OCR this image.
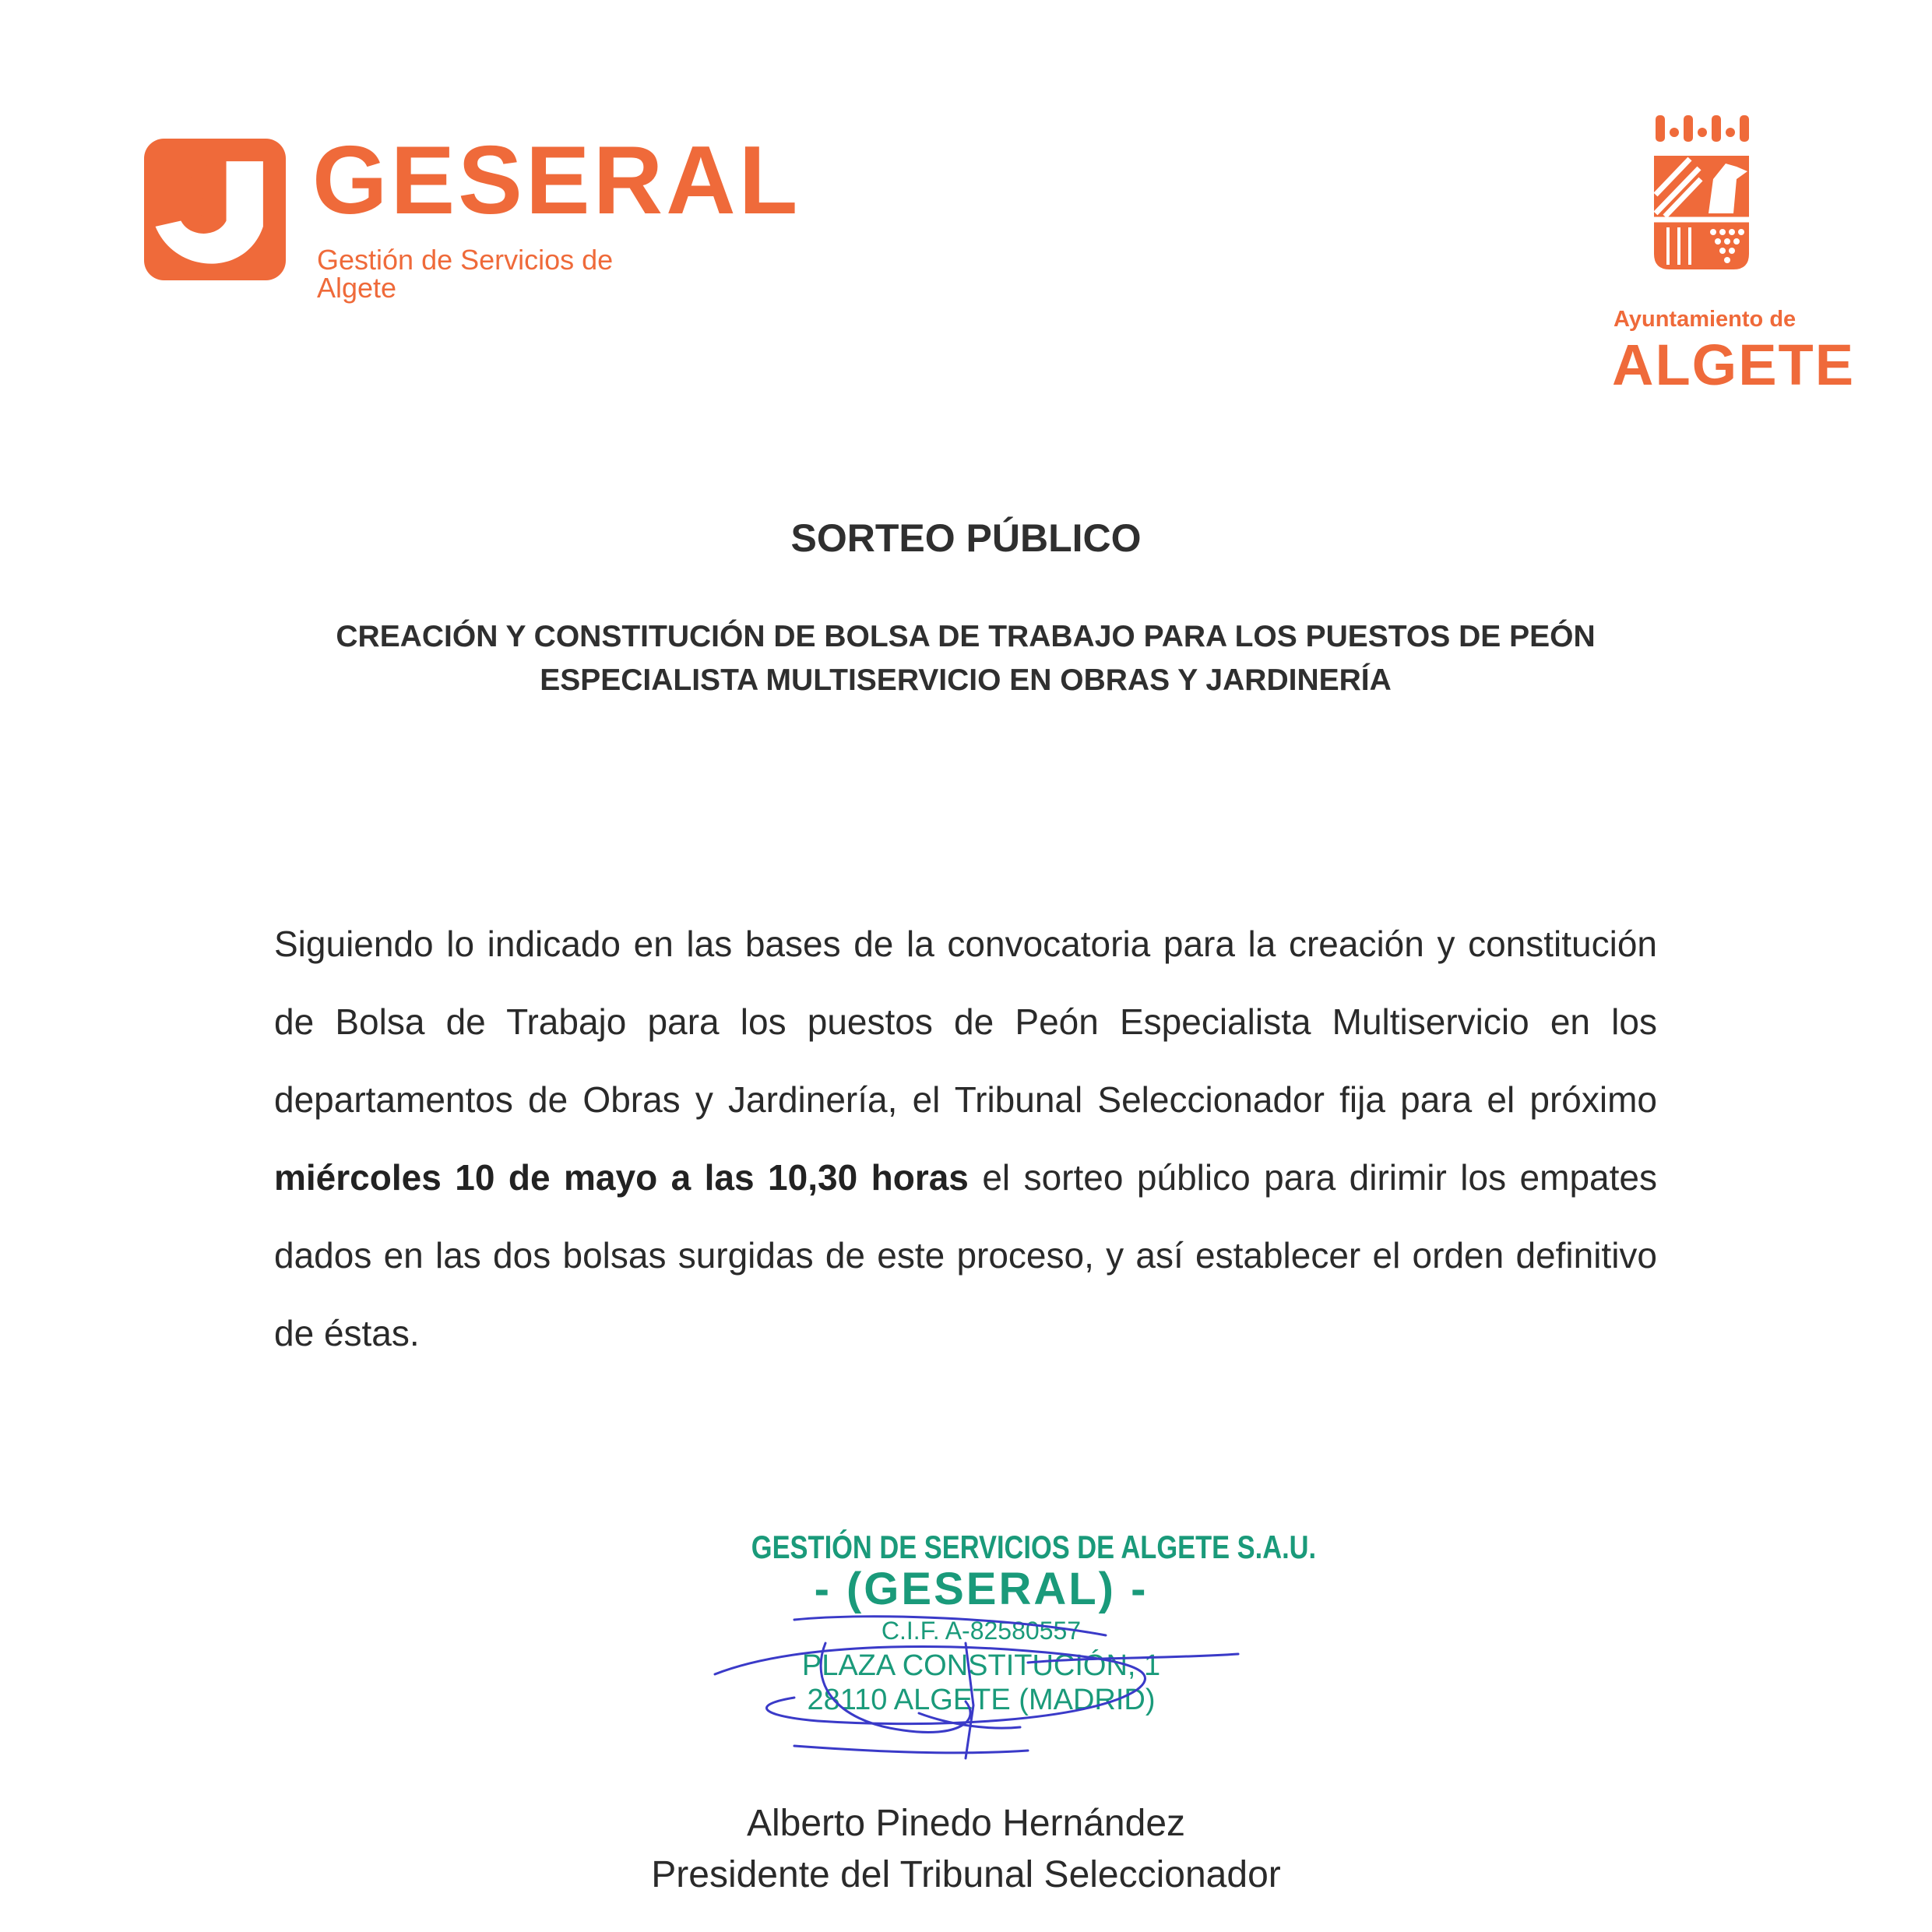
GESERAL
Gestión de Servicios de Algete
Ayuntamiento de
ALGETE
SORTEO PÚBLICO
CREACIÓN Y CONSTITUCIÓN DE BOLSA DE TRABAJO PARA LOS PUESTOS DE PEÓN ESPECIALISTA MULTISERVICIO EN OBRAS Y JARDINERÍA

Siguiendo lo indicado en las bases de la convocatoria para la creación y constitución de Bolsa de Trabajo para los puestos de Peón Especialista Multiservicio en los departamentos de Obras y Jardinería, el Tribunal Seleccionador fija para el próximo miércoles 10 de mayo a las 10,30 horas el sorteo público para dirimir los empates dados en las dos bolsas surgidas de este proceso, y así establecer el orden definitivo de éstas.

GESTIÓN DE SERVICIOS DE ALGETE S.A.U.
- (GESERAL) -
C.I.F. A-82580557
PLAZA CONSTITUCIÓN, 1
28110 ALGETE (MADRID)
Alberto Pinedo Hernández
Presidente del Tribunal Seleccionador
